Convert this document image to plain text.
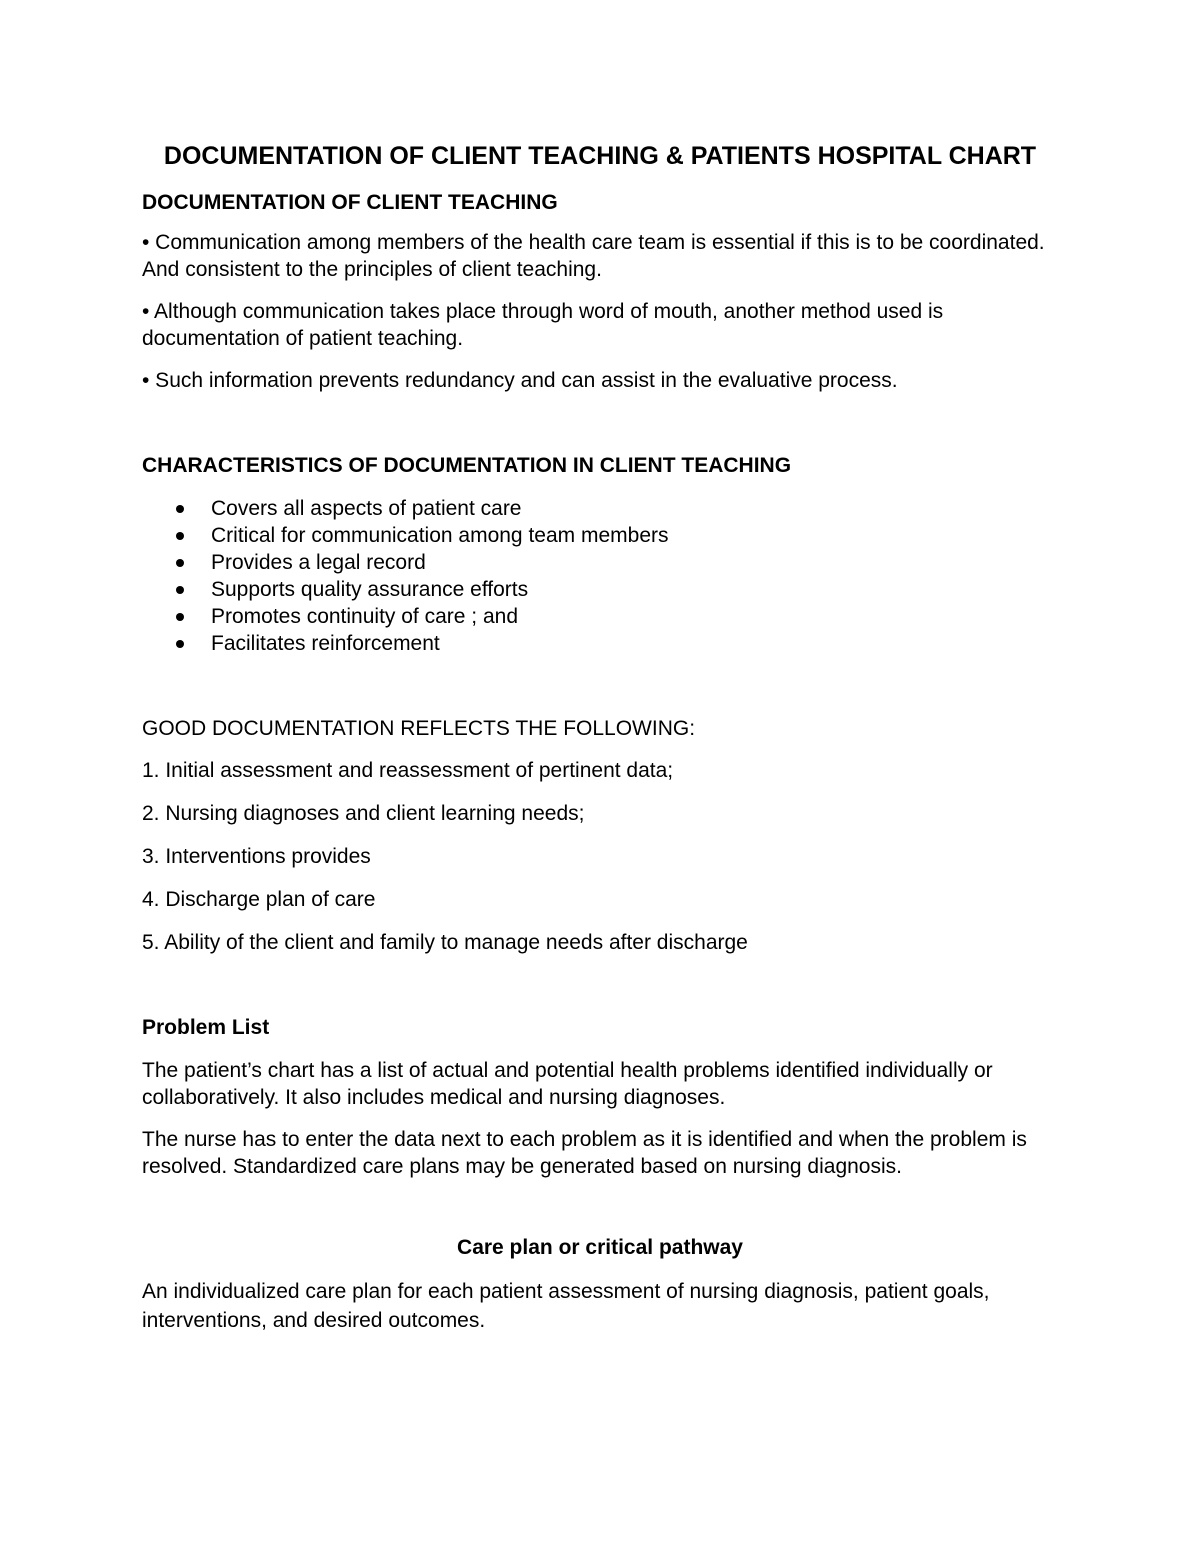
DOCUMENTATION OF CLIENT TEACHING & PATIENTS HOSPITAL CHART
DOCUMENTATION OF CLIENT TEACHING
• Communication among members of the health care team is essential if this is to be coordinated. And consistent to the principles of client teaching.
• Although communication takes place through word of mouth, another method used is documentation of patient teaching.
• Such information prevents redundancy and can assist in the evaluative process.
CHARACTERISTICS OF DOCUMENTATION IN CLIENT TEACHING
Covers all aspects of patient care
Critical for communication among team members
Provides a legal record
Supports quality assurance efforts
Promotes continuity of care ; and
Facilitates reinforcement
GOOD DOCUMENTATION REFLECTS THE FOLLOWING:
1. Initial assessment and reassessment of pertinent data;
2. Nursing diagnoses and client learning needs;
3. Interventions provides
4. Discharge plan of care
5. Ability of the client and family to manage needs after discharge
Problem List
The patient’s chart has a list of actual and potential health problems identified individually or collaboratively. It also includes medical and nursing diagnoses.
The nurse has to enter the data next to each problem as it is identified and when the problem is resolved. Standardized care plans may be generated based on nursing diagnosis.
Care plan or critical pathway
An individualized care plan for each patient assessment of nursing diagnosis, patient goals, interventions, and desired outcomes.
